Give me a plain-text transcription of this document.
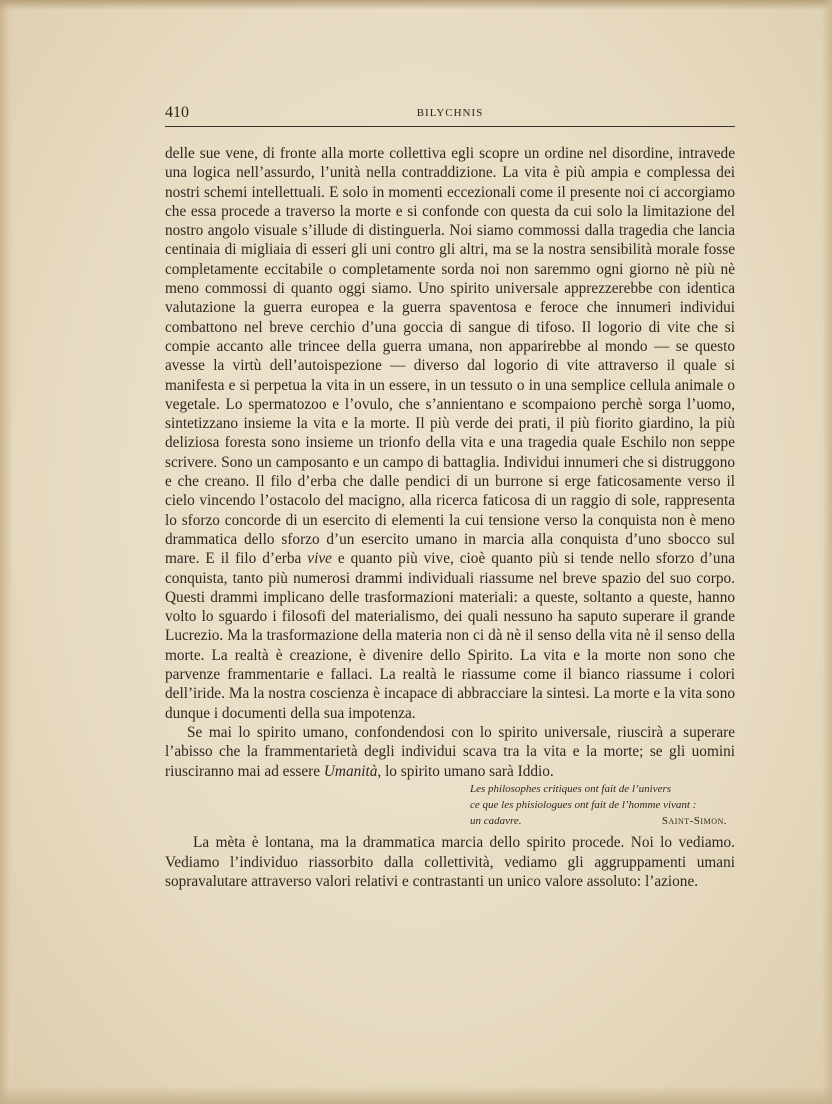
410	BILYCHNIS

delle sue vene, di fronte alla morte collettiva egli scopre un ordine nel disordine, intravede una logica nell’assurdo, l’unità nella contraddizione. La vita è più ampia e complessa dei nostri schemi intellettuali. E solo in momenti eccezionali come il presente noi ci accorgiamo che essa procede a traverso la morte e si confonde con questa da cui solo la limitazione del nostro angolo visuale s’illude di distinguerla. Noi siamo commossi dalla tragedia che lancia centinaia di migliaia di esseri gli uni contro gli altri, ma se la nostra sensibilità morale fosse completamente eccitabile o completamente sorda noi non saremmo ogni giorno nè più nè meno commossi di quanto oggi siamo. Uno spirito universale apprezzerebbe con identica valutazione la guerra europea e la guerra spaventosa e feroce che innumeri individui combattono nel breve cerchio d’una goccia di sangue di tifoso. Il logorio di vite che si compie accanto alle trincee della guerra umana, non apparirebbe al mondo — se questo avesse la virtù dell’autoispezione — diverso dal logorio di vite attraverso il quale si manifesta e si perpetua la vita in un essere, in un tessuto o in una semplice cellula animale o vegetale. Lo spermatozoo e l’ovulo, che s’annientano e scompaiono perchè sorga l’uomo, sintetizzano insieme la vita e la morte. Il più verde dei prati, il più fiorito giardino, la più deliziosa foresta sono insieme un trionfo della vita e una tragedia quale Eschilo non seppe scrivere. Sono un camposanto e un campo di battaglia. Individui innumeri che si distruggono e che creano. Il filo d’erba che dalle pendici di un burrone si erge faticosamente verso il cielo vincendo l’ostacolo del macigno, alla ricerca faticosa di un raggio di sole, rappresenta lo sforzo concorde di un esercito di elementi la cui tensione verso la conquista non è meno drammatica dello sforzo d’un esercito umano in marcia alla conquista d’uno sbocco sul mare. E il filo d’erba vive e quanto più vive, cioè quanto più si tende nello sforzo d’una conquista, tanto più numerosi drammi individuali riassume nel breve spazio del suo corpo. Questi drammi implicano delle trasformazioni materiali: a queste, soltanto a queste, hanno volto lo sguardo i filosofi del materialismo, dei quali nessuno ha saputo superare il grande Lucrezio. Ma la trasformazione della materia non ci dà nè il senso della vita nè il senso della morte. La realtà è creazione, è divenire dello Spirito. La vita e la morte non sono che parvenze frammentarie e fallaci. La realtà le riassume come il bianco riassume i colori dell’iride. Ma la nostra coscienza è incapace di abbracciare la sintesi. La morte e la vita sono dunque i documenti della sua impotenza.

Se mai lo spirito umano, confondendosi con lo spirito universale, riuscirà a superare l’abisso che la frammentarietà degli individui scava tra la vita e la morte; se gli uomini riusciranno mai ad essere Umanità, lo spirito umano sarà Iddio.

Les philosophes critiques ont fait de l’univers
ce que les phisiologues ont fait de l’homme vivant :
un cadavre.	Saint-Simon.
La mèta è lontana, ma la drammatica marcia dello spirito procede. Noi lo vediamo. Vediamo l’individuo riassorbito dalla collettività, vediamo gli aggruppamenti umani sopravalutare attraverso valori relativi e contrastanti un unico valore assoluto: l’azione.
